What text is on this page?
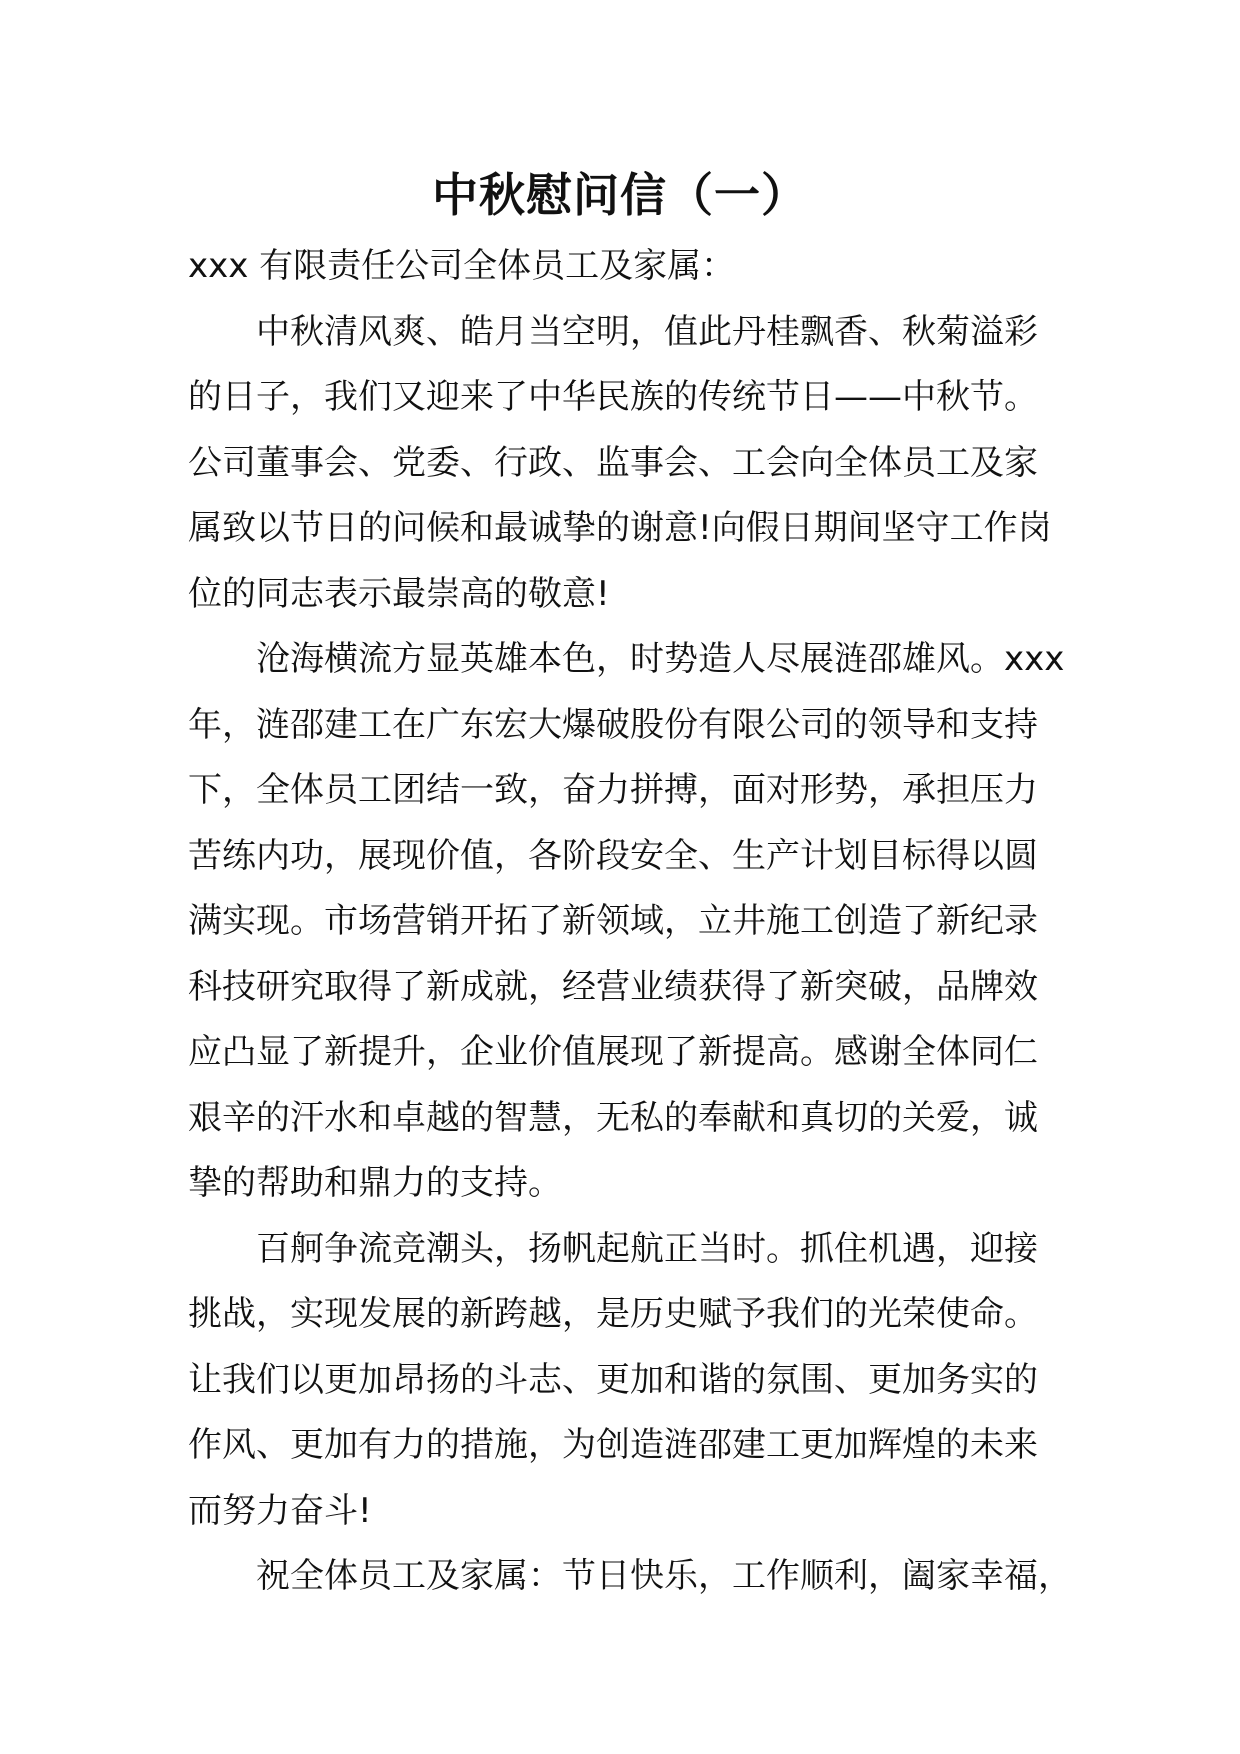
中秋慰问信（一）

xxx 有限责任公司全体员工及家属：

中秋清风爽、皓月当空明，值此丹桂飘香、秋菊溢彩
的日子，我们又迎来了中华民族的传统节日——中秋节。
公司董事会、党委、行政、监事会、工会向全体员工及家
属致以节日的问候和最诚挚的谢意!向假日期间坚守工作岗
位的同志表示最崇高的敬意!

沧海横流方显英雄本色，时势造人尽展涟邵雄风。xxx
年，涟邵建工在广东宏大爆破股份有限公司的领导和支持
下，全体员工团结一致，奋力拼搏，面对形势，承担压力
苦练内功，展现价值，各阶段安全、生产计划目标得以圆
满实现。市场营销开拓了新领域，立井施工创造了新纪录
科技研究取得了新成就，经营业绩获得了新突破，品牌效
应凸显了新提升，企业价值展现了新提高。感谢全体同仁
艰辛的汗水和卓越的智慧，无私的奉献和真切的关爱，诚
挚的帮助和鼎力的支持。

百舸争流竞潮头，扬帆起航正当时。抓住机遇，迎接
挑战，实现发展的新跨越，是历史赋予我们的光荣使命。
让我们以更加昂扬的斗志、更加和谐的氛围、更加务实的
作风、更加有力的措施，为创造涟邵建工更加辉煌的未来
而努力奋斗!

祝全体员工及家属：节日快乐，工作顺利，阖家幸福，
